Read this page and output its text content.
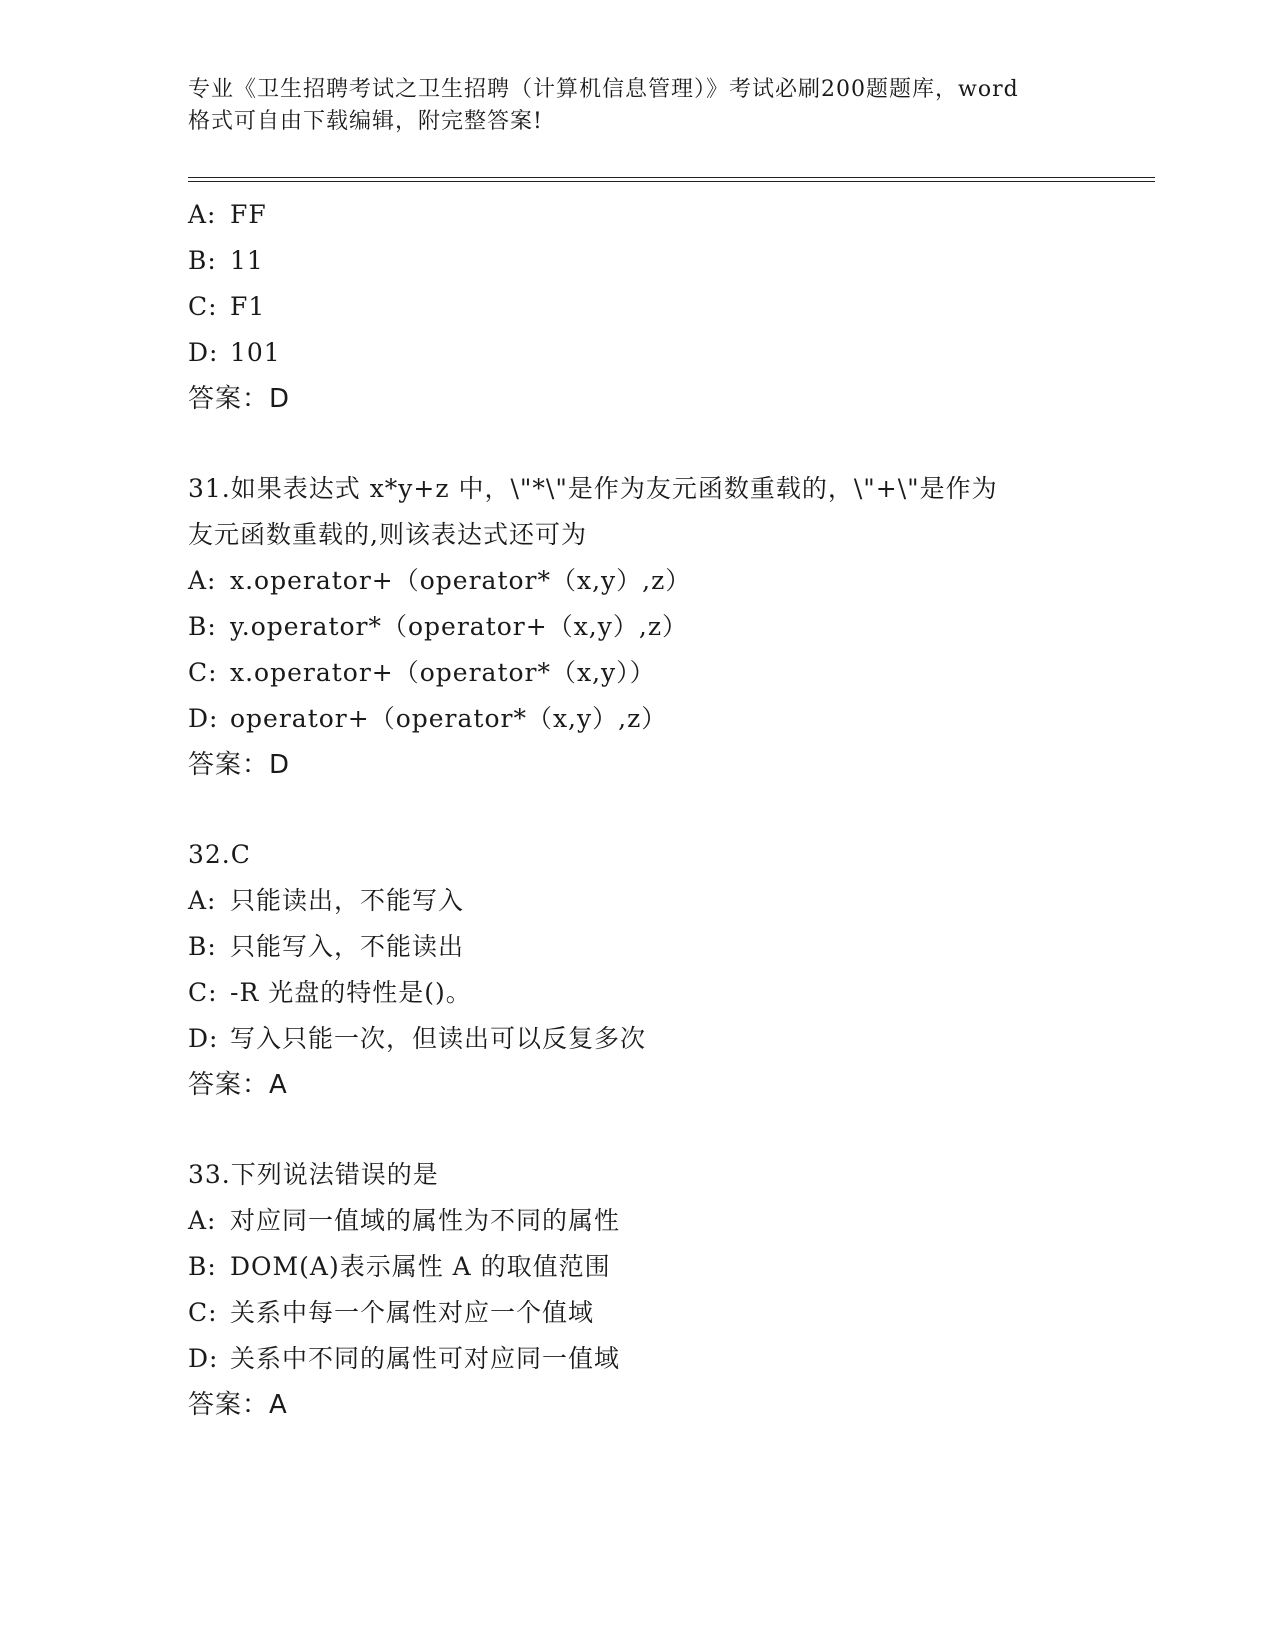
专业《卫生招聘考试之卫生招聘（计算机信息管理）》考试必刷200题题库，word
格式可自由下载编辑，附完整答案!
A: FF
B: 11
C: F1
D: 101
答案：D
31.如果表达式 x*y+z 中，\"*\"是作为友元函数重载的，\"+\"是作为
友元函数重载的,则该表达式还可为
A: x.operator+（operator*（x,y）,z）
B: y.operator*（operator+（x,y）,z）
C: x.operator+（operator*（x,y））
D: operator+（operator*（x,y）,z）
答案：D
32.C
A: 只能读出，不能写入
B: 只能写入，不能读出
C: -R 光盘的特性是()。
D: 写入只能一次，但读出可以反复多次
答案：A
33.下列说法错误的是
A: 对应同一值域的属性为不同的属性
B: DOM(A)表示属性 A 的取值范围
C: 关系中每一个属性对应一个值域
D: 关系中不同的属性可对应同一值域
答案：A
